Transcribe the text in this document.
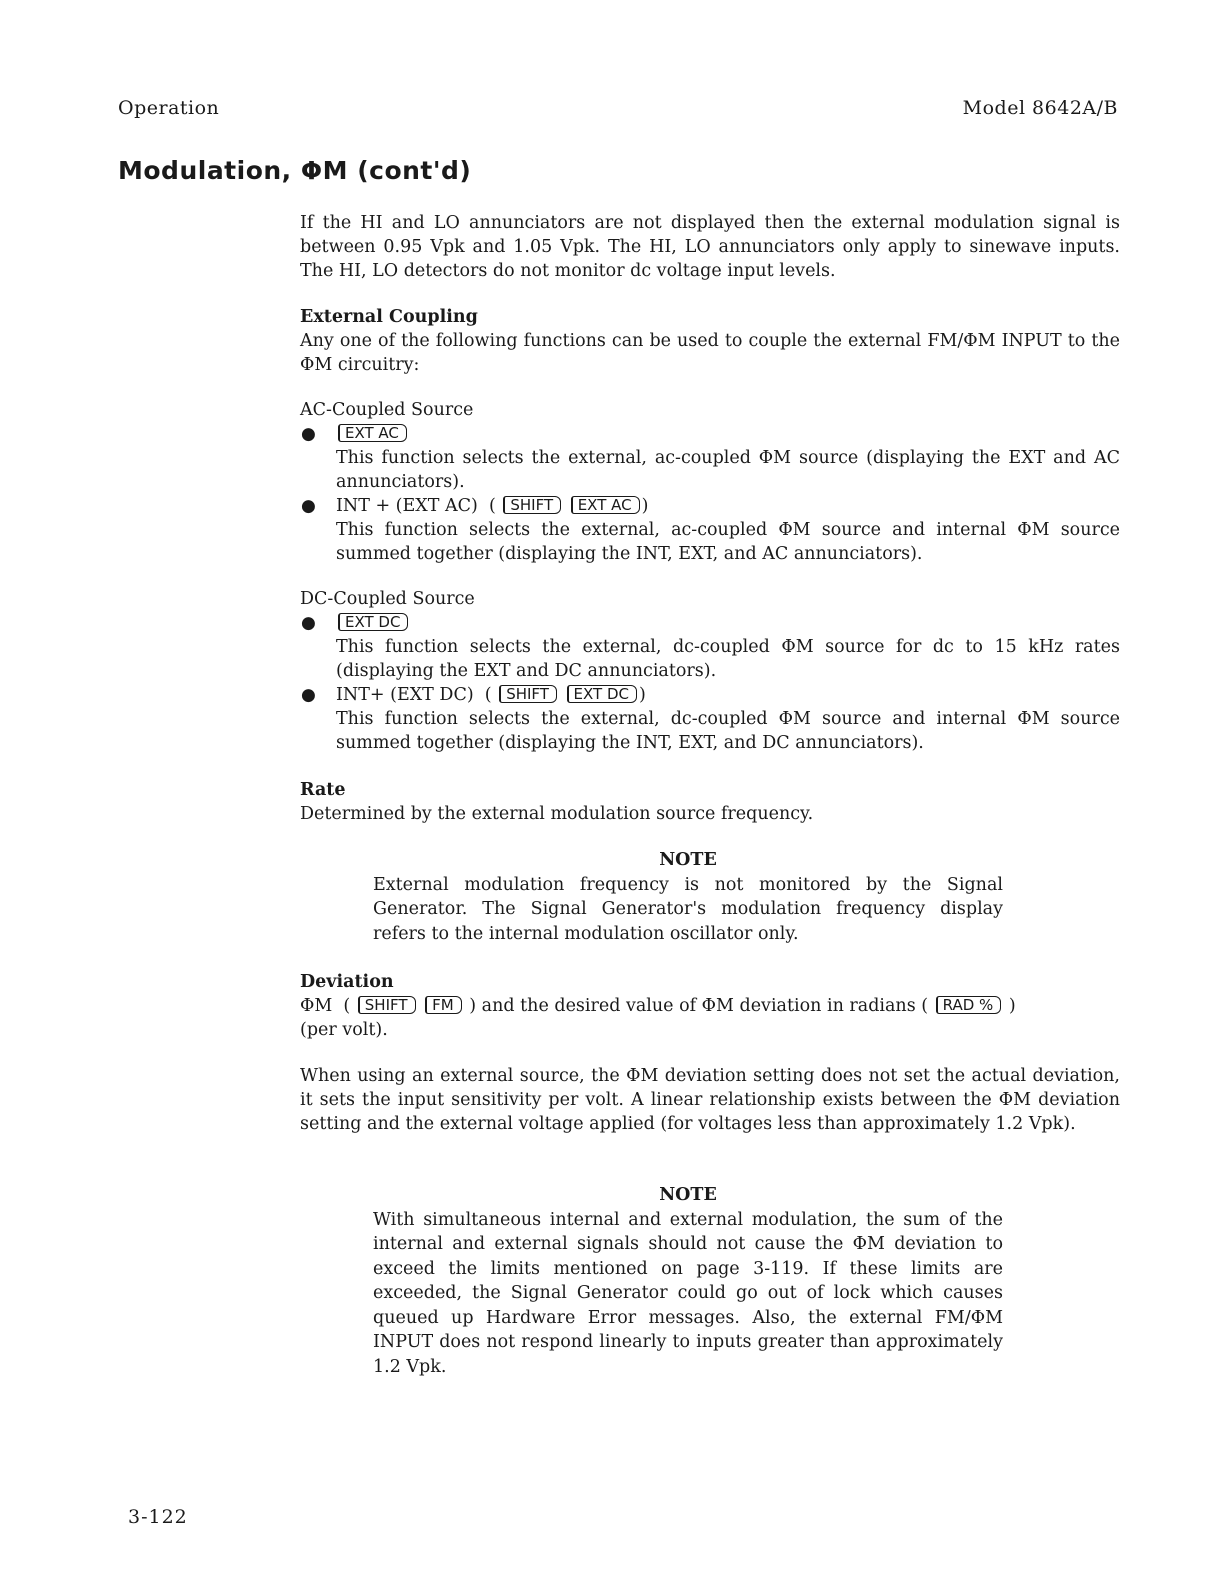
Operation	Model 8642A/B
Modulation, ΦM (cont'd)
If the HI and LO annunciators are not displayed then the external modulation signal is between 0.95 Vpk and 1.05 Vpk. The HI, LO annunciators only apply to sinewave inputs. The HI, LO detectors do not monitor dc voltage input levels.
External Coupling
Any one of the following functions can be used to couple the external FM/ΦM INPUT to the ΦM circuitry:
AC-Coupled Source
● EXT AC
This function selects the external, ac-coupled ΦM source (displaying the EXT and AC annunciators).
● INT + (EXT AC)  ( SHIFT EXT AC )
This function selects the external, ac-coupled ΦM source and internal ΦM source summed together (displaying the INT, EXT, and AC annunciators).
DC-Coupled Source
● EXT DC
This function selects the external, dc-coupled ΦM source for dc to 15 kHz rates (displaying the EXT and DC annunciators).
● INT+ (EXT DC)  ( SHIFT EXT DC )
This function selects the external, dc-coupled ΦM source and internal ΦM source summed together (displaying the INT, EXT, and DC annunciators).
Rate
Determined by the external modulation source frequency.
NOTE
External modulation frequency is not monitored by the Signal Generator. The Signal Generator's modulation frequency display refers to the internal modulation oscillator only.
Deviation
ΦM  ( SHIFT FM ) and the desired value of ΦM deviation in radians ( RAD % )
(per volt).
When using an external source, the ΦM deviation setting does not set the actual deviation, it sets the input sensitivity per volt. A linear relationship exists between the ΦM deviation setting and the external voltage applied (for voltages less than approximately 1.2 Vpk).
NOTE
With simultaneous internal and external modulation, the sum of the internal and external signals should not cause the ΦM deviation to exceed the limits mentioned on page 3-119. If these limits are exceeded, the Signal Generator could go out of lock which causes queued up Hardware Error messages. Also, the external FM/ΦM INPUT does not respond linearly to inputs greater than approximately 1.2 Vpk.
3-122
